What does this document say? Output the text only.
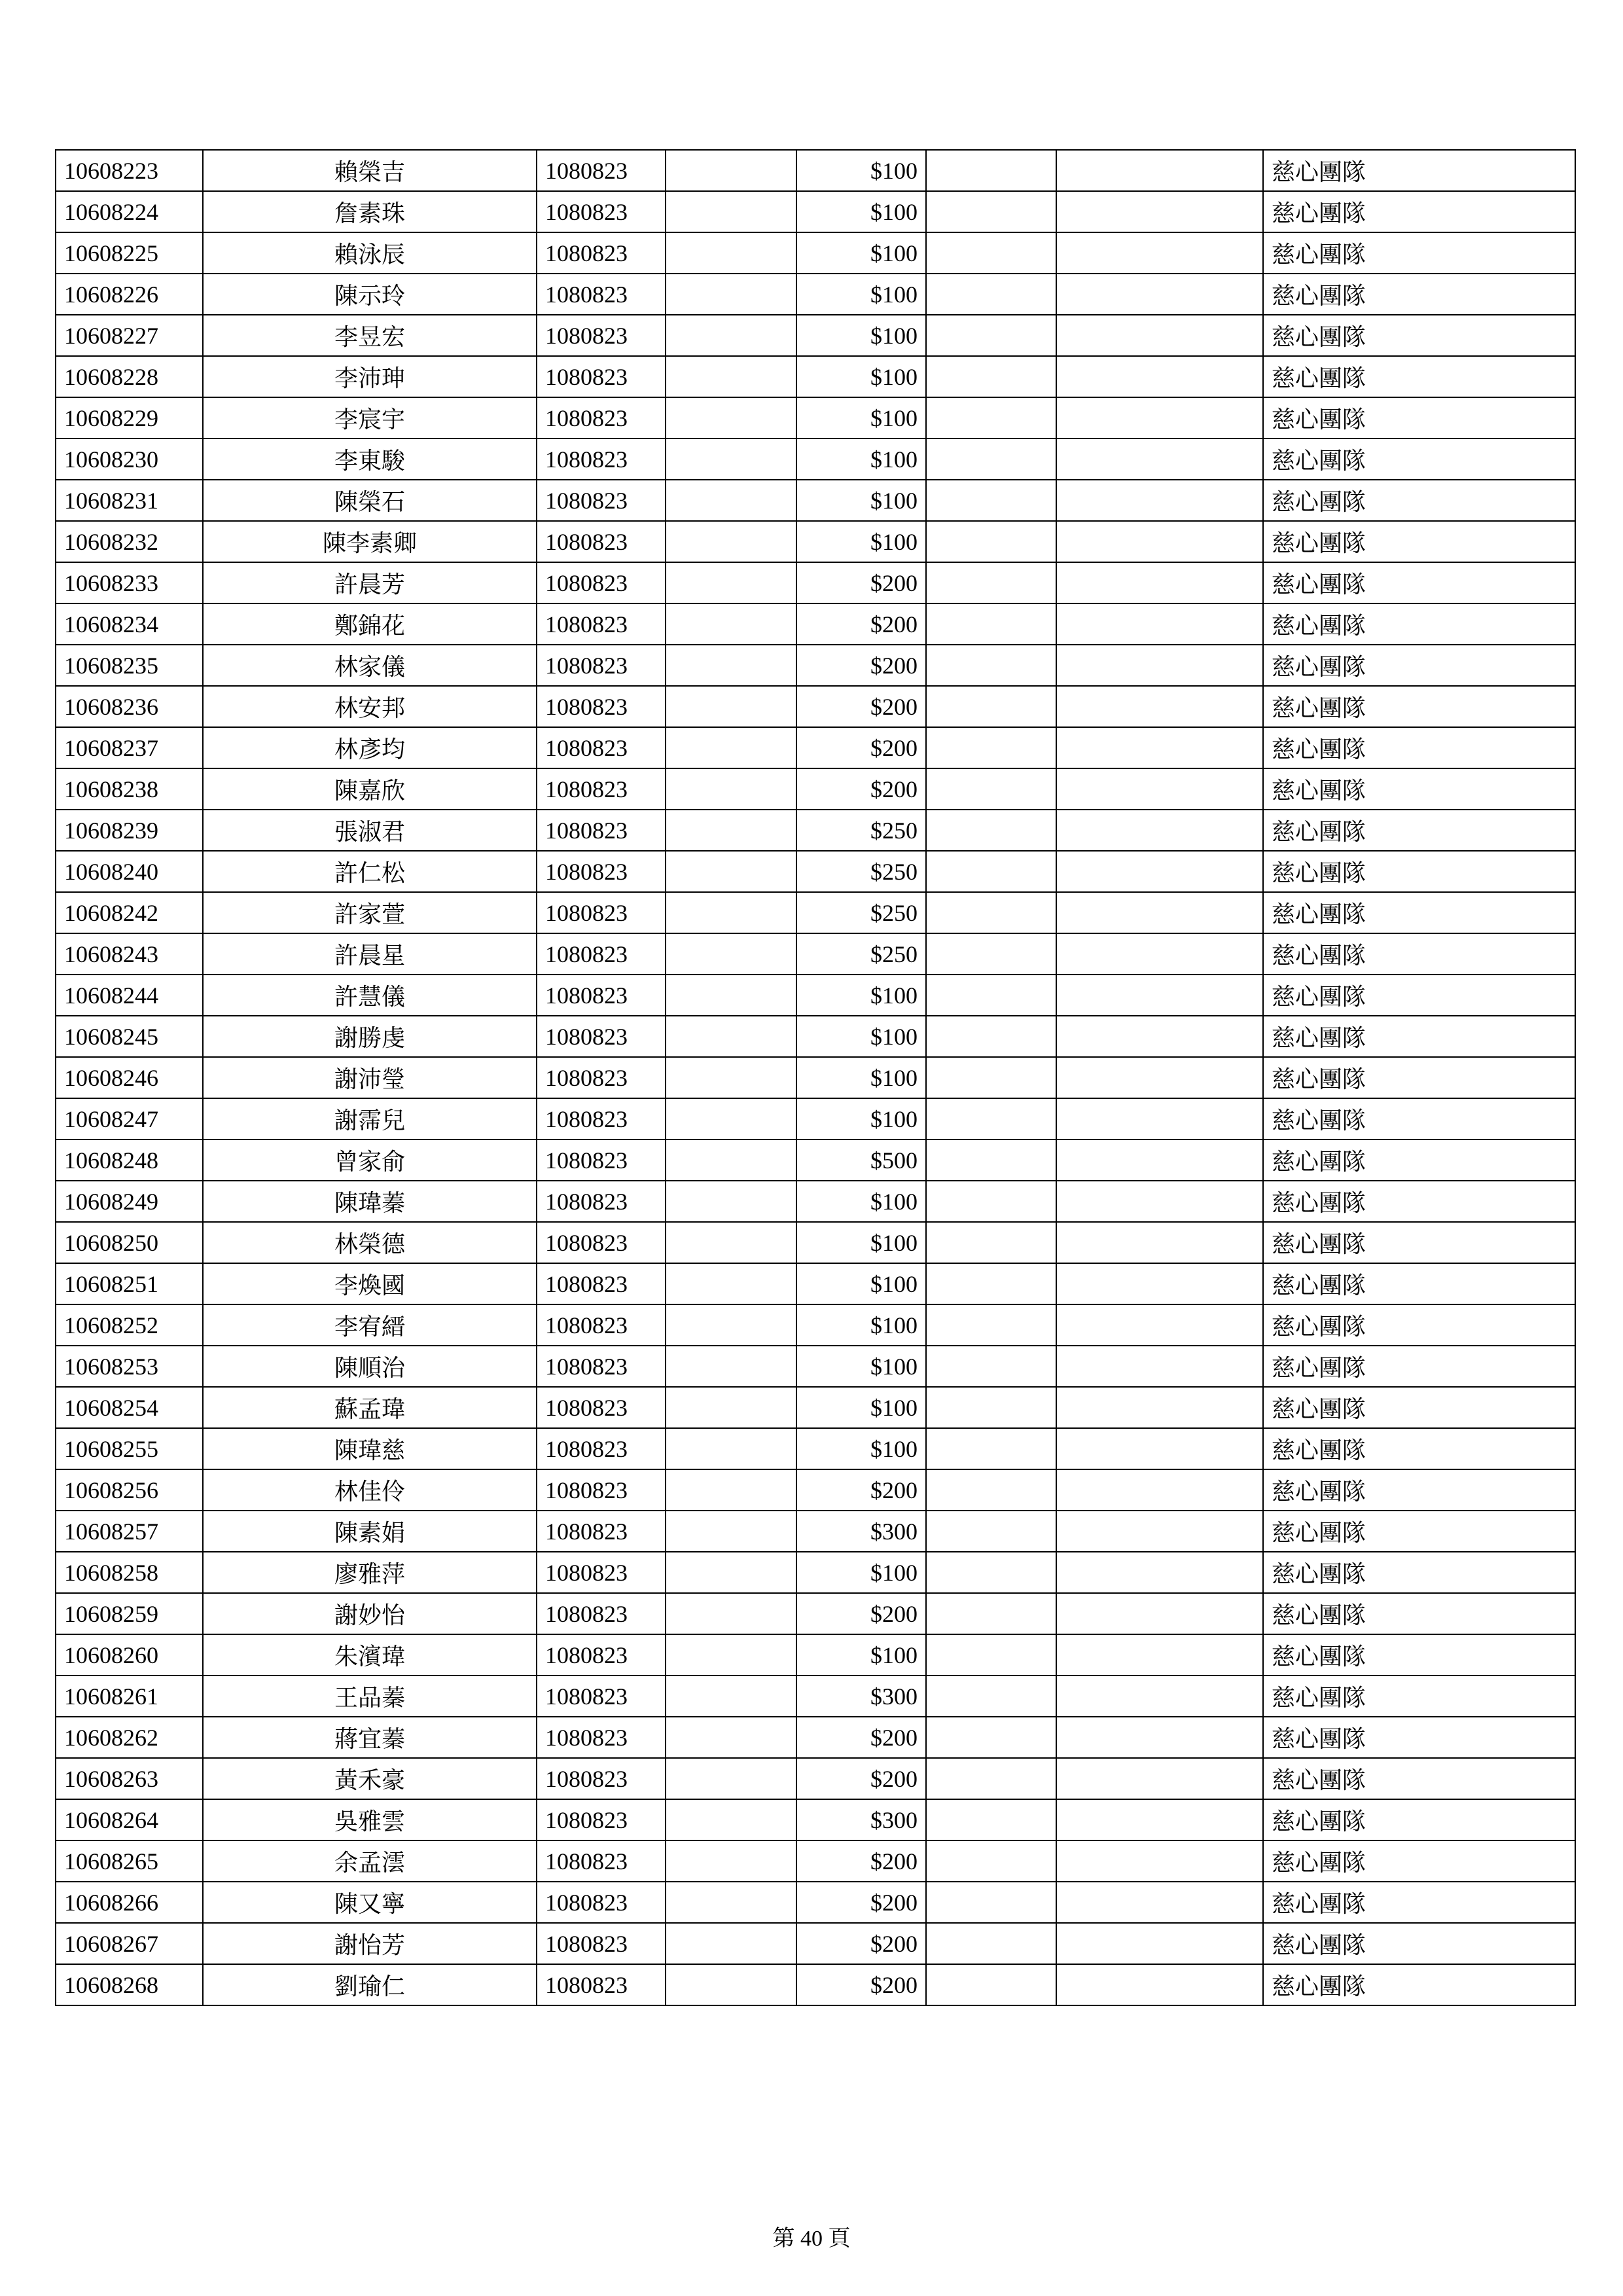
10608223	賴榮吉	1080823		$100			慈心團隊
10608224	詹素珠	1080823		$100			慈心團隊
10608225	賴泳辰	1080823		$100			慈心團隊
10608226	陳示玲	1080823		$100			慈心團隊
10608227	李昱宏	1080823		$100			慈心團隊
10608228	李沛珅	1080823		$100			慈心團隊
10608229	李宸宇	1080823		$100			慈心團隊
10608230	李東駿	1080823		$100			慈心團隊
10608231	陳榮石	1080823		$100			慈心團隊
10608232	陳李素卿	1080823		$100			慈心團隊
10608233	許晨芳	1080823		$200			慈心團隊
10608234	鄭錦花	1080823		$200			慈心團隊
10608235	林家儀	1080823		$200			慈心團隊
10608236	林安邦	1080823		$200			慈心團隊
10608237	林彥均	1080823		$200			慈心團隊
10608238	陳嘉欣	1080823		$200			慈心團隊
10608239	張淑君	1080823		$250			慈心團隊
10608240	許仁松	1080823		$250			慈心團隊
10608242	許家萱	1080823		$250			慈心團隊
10608243	許晨星	1080823		$250			慈心團隊
10608244	許慧儀	1080823		$100			慈心團隊
10608245	謝勝虔	1080823		$100			慈心團隊
10608246	謝沛瑩	1080823		$100			慈心團隊
10608247	謝霈兒	1080823		$100			慈心團隊
10608248	曾家俞	1080823		$500			慈心團隊
10608249	陳瑋蓁	1080823		$100			慈心團隊
10608250	林榮德	1080823		$100			慈心團隊
10608251	李煥國	1080823		$100			慈心團隊
10608252	李宥縉	1080823		$100			慈心團隊
10608253	陳順治	1080823		$100			慈心團隊
10608254	蘇孟瑋	1080823		$100			慈心團隊
10608255	陳瑋慈	1080823		$100			慈心團隊
10608256	林佳伶	1080823		$200			慈心團隊
10608257	陳素娟	1080823		$300			慈心團隊
10608258	廖雅萍	1080823		$100			慈心團隊
10608259	謝妙怡	1080823		$200			慈心團隊
10608260	朱濱瑋	1080823		$100			慈心團隊
10608261	王品蓁	1080823		$300			慈心團隊
10608262	蔣宜蓁	1080823		$200			慈心團隊
10608263	黃禾豪	1080823		$200			慈心團隊
10608264	吳雅雲	1080823		$300			慈心團隊
10608265	余孟澐	1080823		$200			慈心團隊
10608266	陳又寧	1080823		$200			慈心團隊
10608267	謝怡芳	1080823		$200			慈心團隊
10608268	劉瑜仁	1080823		$200			慈心團隊
第 40 頁
